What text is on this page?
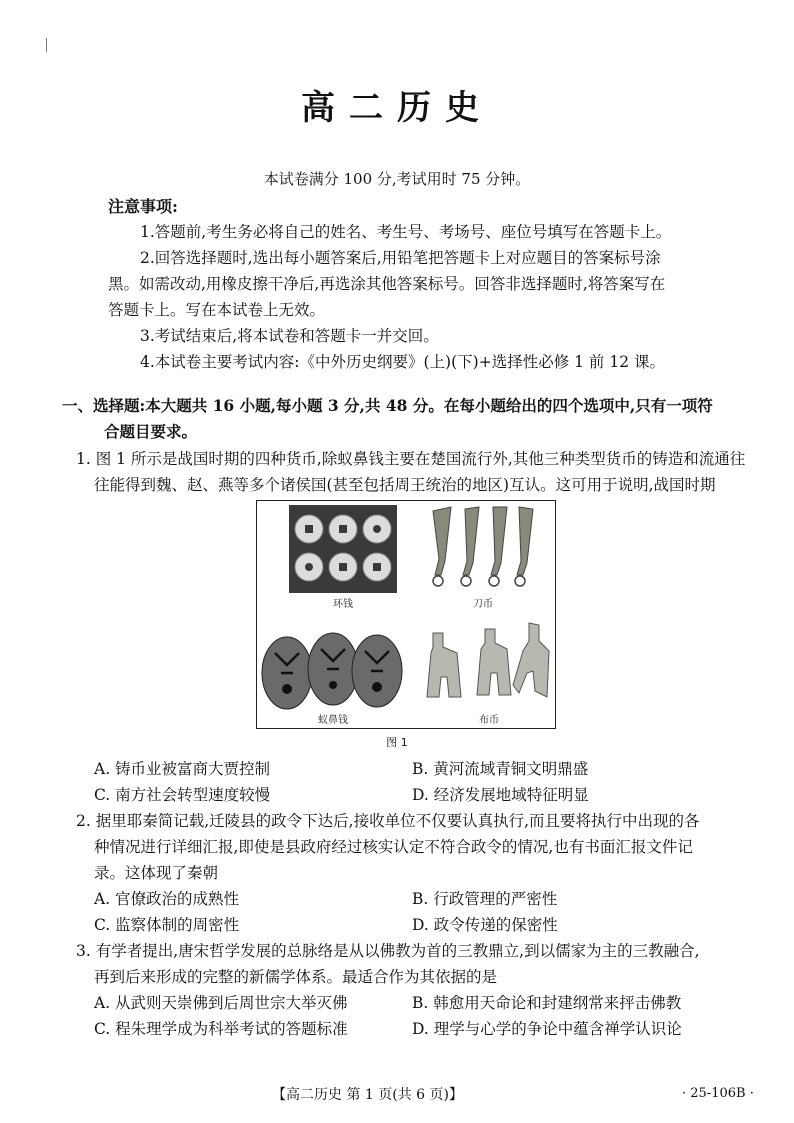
高二历史
本试卷满分 100 分,考试用时 75 分钟。
注意事项:
1.答题前,考生务必将自己的姓名、考生号、考场号、座位号填写在答题卡上。
2.回答选择题时,选出每小题答案后,用铅笔把答题卡上对应题目的答案标号涂
黑。如需改动,用橡皮擦干净后,再选涂其他答案标号。回答非选择题时,将答案写在
答题卡上。写在本试卷上无效。
3.考试结束后,将本试卷和答题卡一并交回。
4.本试卷主要考试内容:《中外历史纲要》(上)(下)+选择性必修 1 前 12 课。
一、选择题:本大题共 16 小题,每小题 3 分,共 48 分。在每小题给出的四个选项中,只有一项符
合题目要求。
1. 图 1 所示是战国时期的四种货币,除蚁鼻钱主要在楚国流行外,其他三种类型货币的铸造和流通往
往能得到魏、赵、燕等多个诸侯国(甚至包括周王统治的地区)互认。这可用于说明,战国时期
环钱	刀币
蚁鼻钱	布币
图 1
A. 铸币业被富商大贾控制	B. 黄河流域青铜文明鼎盛
C. 南方社会转型速度较慢	D. 经济发展地域特征明显
2. 据里耶秦简记载,迁陵县的政令下达后,接收单位不仅要认真执行,而且要将执行中出现的各
种情况进行详细汇报,即使是县政府经过核实认定不符合政令的情况,也有书面汇报文件记
录。这体现了秦朝
A. 官僚政治的成熟性	B. 行政管理的严密性
C. 监察体制的周密性	D. 政令传递的保密性
3. 有学者提出,唐宋哲学发展的总脉络是从以佛教为首的三教鼎立,到以儒家为主的三教融合,
再到后来形成的完整的新儒学体系。最适合作为其依据的是
A. 从武则天崇佛到后周世宗大举灭佛	B. 韩愈用天命论和封建纲常来抨击佛教
C. 程朱理学成为科举考试的答题标准	D. 理学与心学的争论中蕴含禅学认识论
【高二历史 第 1 页(共 6 页)】	· 25-106B ·
